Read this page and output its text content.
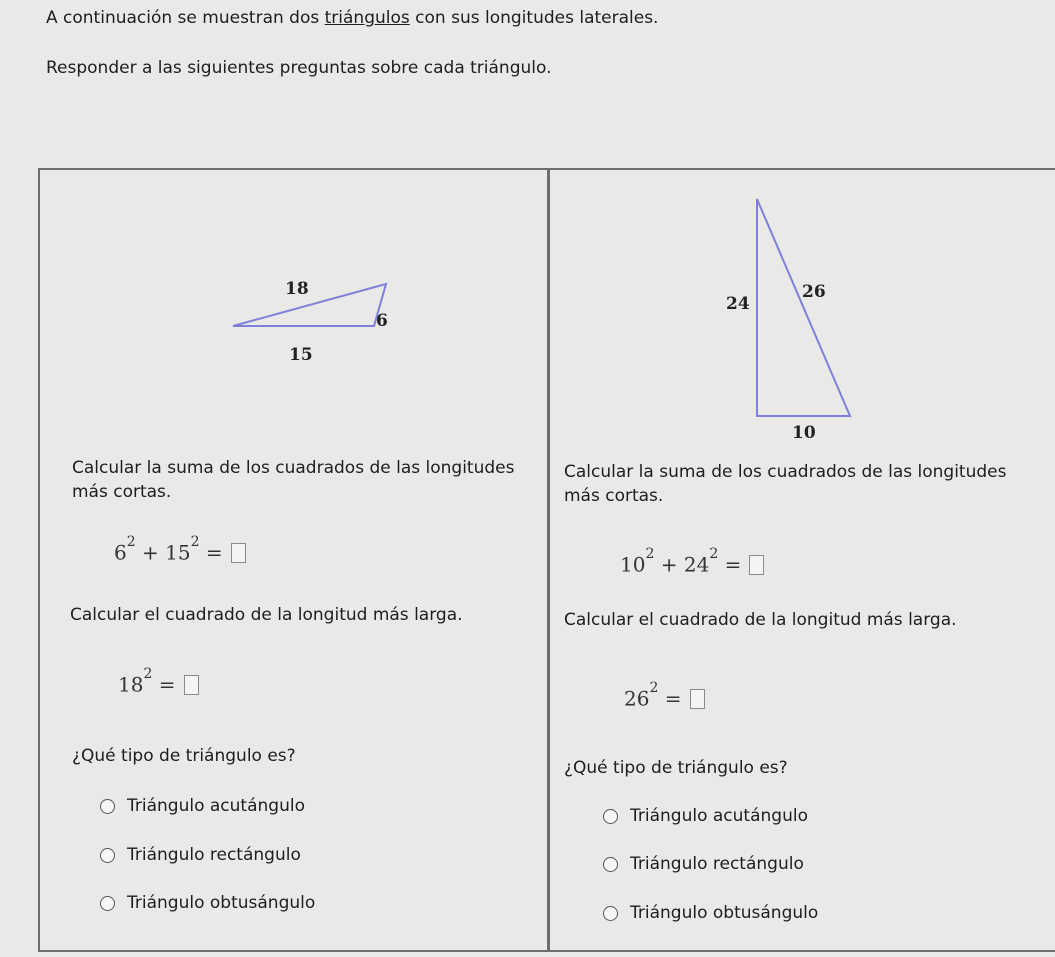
A continuación se muestran dos triángulos con sus longitudes laterales.

Responder a las siguientes preguntas sobre cada triángulo.

18
6
15

Calcular la suma de los cuadrados de las longitudes más cortas.

$6^2 + 15^2$ =

Calcular el cuadrado de la longitud más larga.

$18^2$ =

¿Qué tipo de triángulo es?

Triángulo acutángulo
Triángulo rectángulo
Triángulo obtusángulo
24
26
10

Calcular la suma de los cuadrados de las longitudes más cortas.

$10^2 + 24^2$ =

Calcular el cuadrado de la longitud más larga.

$26^2$ =

¿Qué tipo de triángulo es?

Triángulo acutángulo
Triángulo rectángulo
Triángulo obtusángulo
